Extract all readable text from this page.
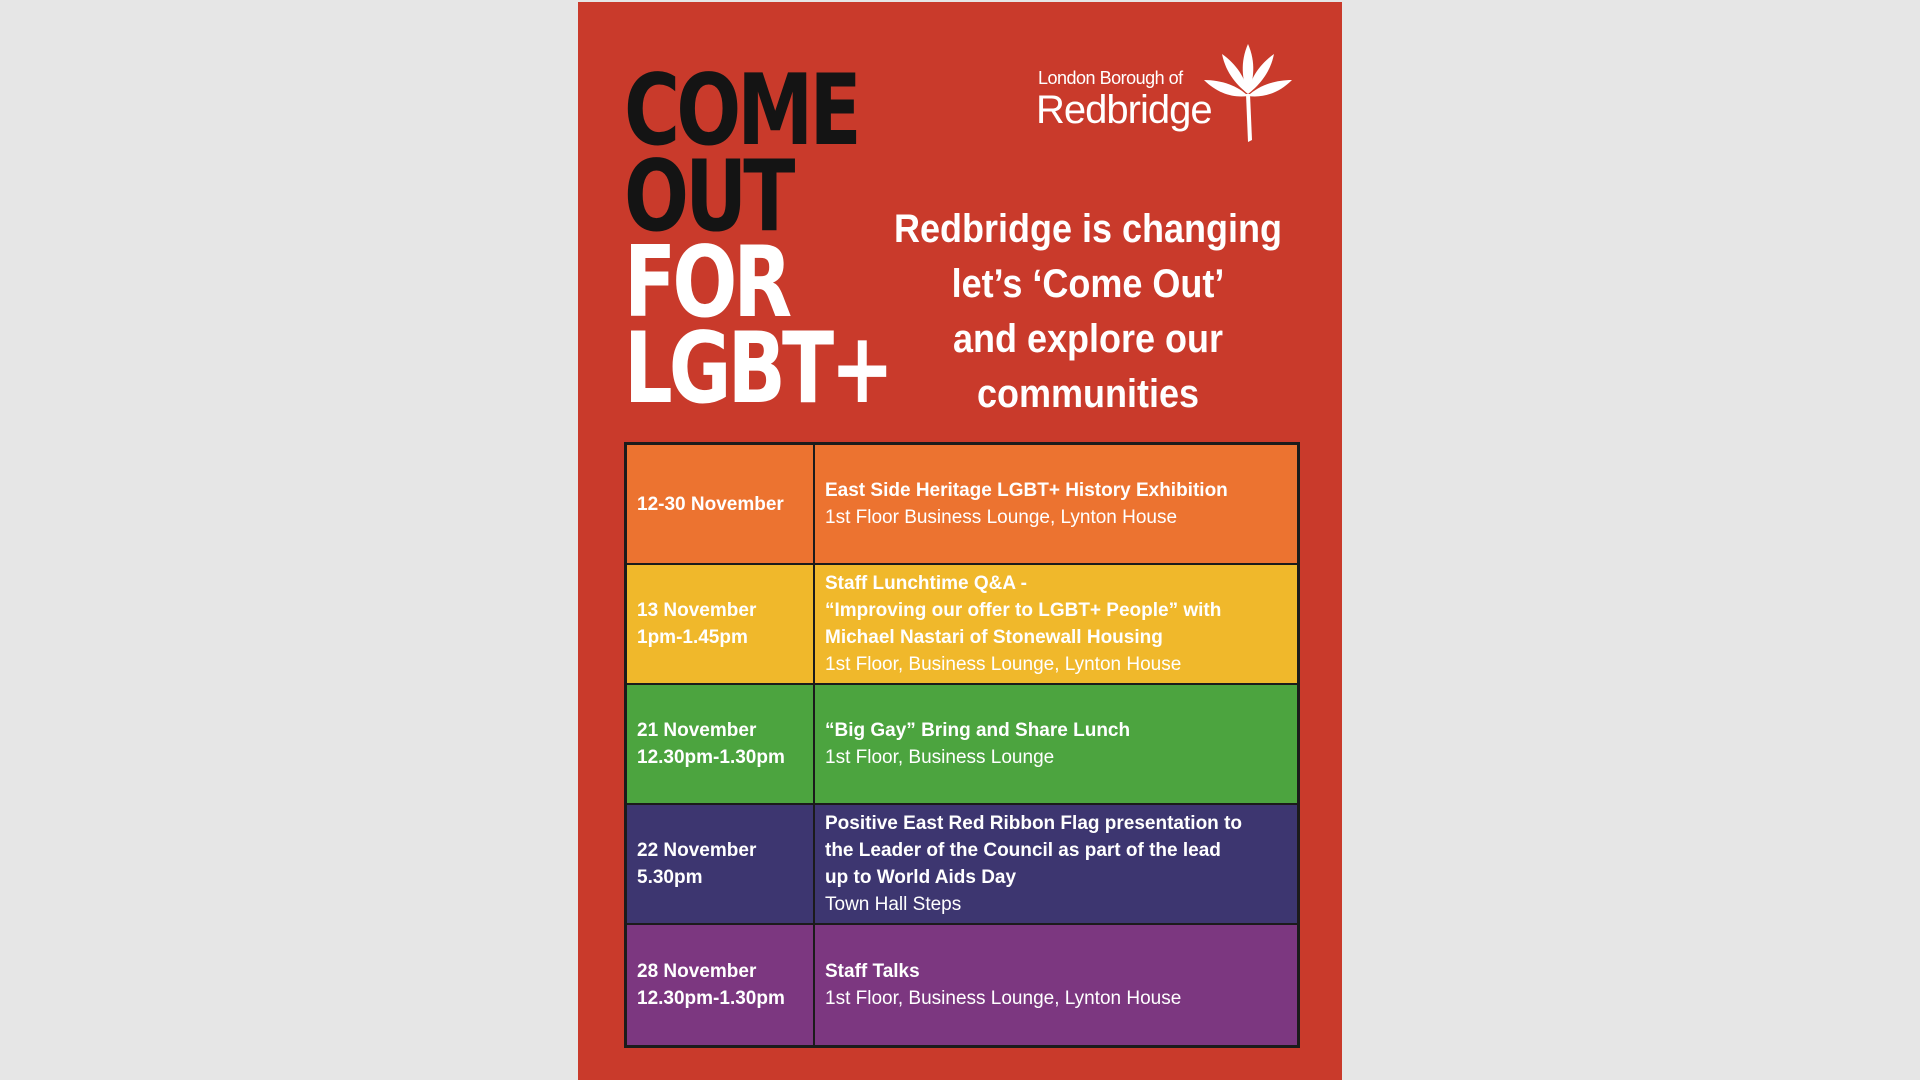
COME
OUT
FOR
LGBT+
London Borough of
Redbridge
Redbridge is changing
let’s ‘Come Out’
and explore our
communities
12-30 November
East Side Heritage LGBT+ History Exhibition
1st Floor Business Lounge, Lynton House
13 November
1pm-1.45pm
Staff Lunchtime Q&A -
“Improving our offer to LGBT+ People” with
Michael Nastari of Stonewall Housing
1st Floor, Business Lounge, Lynton House
21 November
12.30pm-1.30pm
“Big Gay” Bring and Share Lunch
1st Floor, Business Lounge
22 November
5.30pm
Positive East Red Ribbon Flag presentation to
the Leader of the Council as part of the lead
up to World Aids Day
Town Hall Steps
28 November
12.30pm-1.30pm
Staff Talks
1st Floor, Business Lounge, Lynton House
